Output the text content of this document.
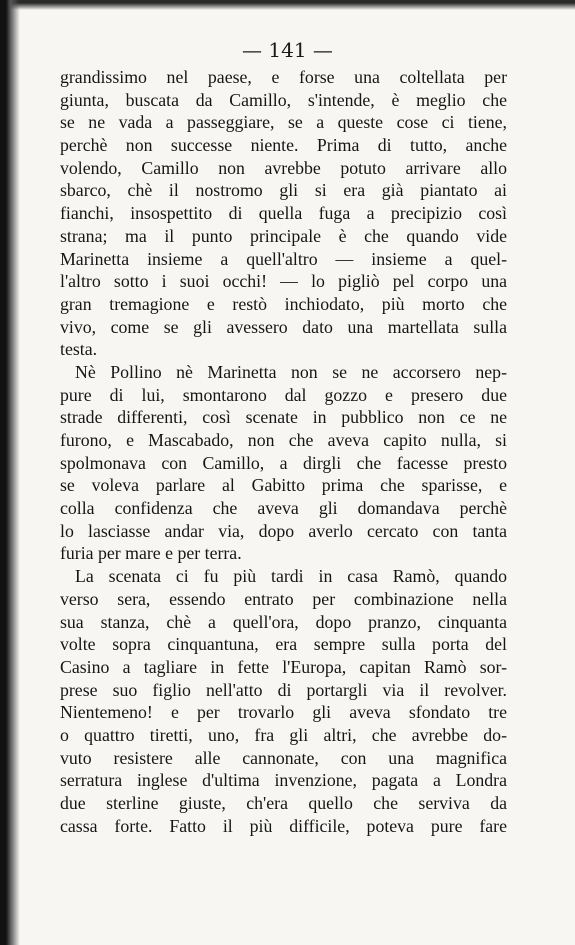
— 141 —
grandissimo nel paese, e forse una coltellata per
giunta, buscata da Camillo, s'intende, è meglio che
se ne vada a passeggiare, se a queste cose ci tiene,
perchè non successe niente. Prima di tutto, anche
volendo, Camillo non avrebbe potuto arrivare allo
sbarco, chè il nostromo gli si era già piantato ai
fianchi, insospettito di quella fuga a precipizio così
strana; ma il punto principale è che quando vide
Marinetta insieme a quell'altro — insieme a quel-
l'altro sotto i suoi occhi! — lo pigliò pel corpo una
gran tremagione e restò inchiodato, più morto che
vivo, come se gli avessero dato una martellata sulla
testa.
Nè Pollino nè Marinetta non se ne accorsero nep-
pure di lui, smontarono dal gozzo e presero due
strade differenti, così scenate in pubblico non ce ne
furono, e Mascabado, non che aveva capito nulla, si
spolmonava con Camillo, a dirgli che facesse presto
se voleva parlare al Gabitto prima che sparisse, e
colla confidenza che aveva gli domandava perchè
lo lasciasse andar via, dopo averlo cercato con tanta
furia per mare e per terra.
La scenata ci fu più tardi in casa Ramò, quando
verso sera, essendo entrato per combinazione nella
sua stanza, chè a quell'ora, dopo pranzo, cinquanta
volte sopra cinquantuna, era sempre sulla porta del
Casino a tagliare in fette l'Europa, capitan Ramò sor-
prese suo figlio nell'atto di portargli via il revolver.
Nientemeno! e per trovarlo gli aveva sfondato tre
o quattro tiretti, uno, fra gli altri, che avrebbe do-
vuto resistere alle cannonate, con una magnifica
serratura inglese d'ultima invenzione, pagata a Londra
due sterline giuste, ch'era quello che serviva da
cassa forte. Fatto il più difficile, poteva pure fare
